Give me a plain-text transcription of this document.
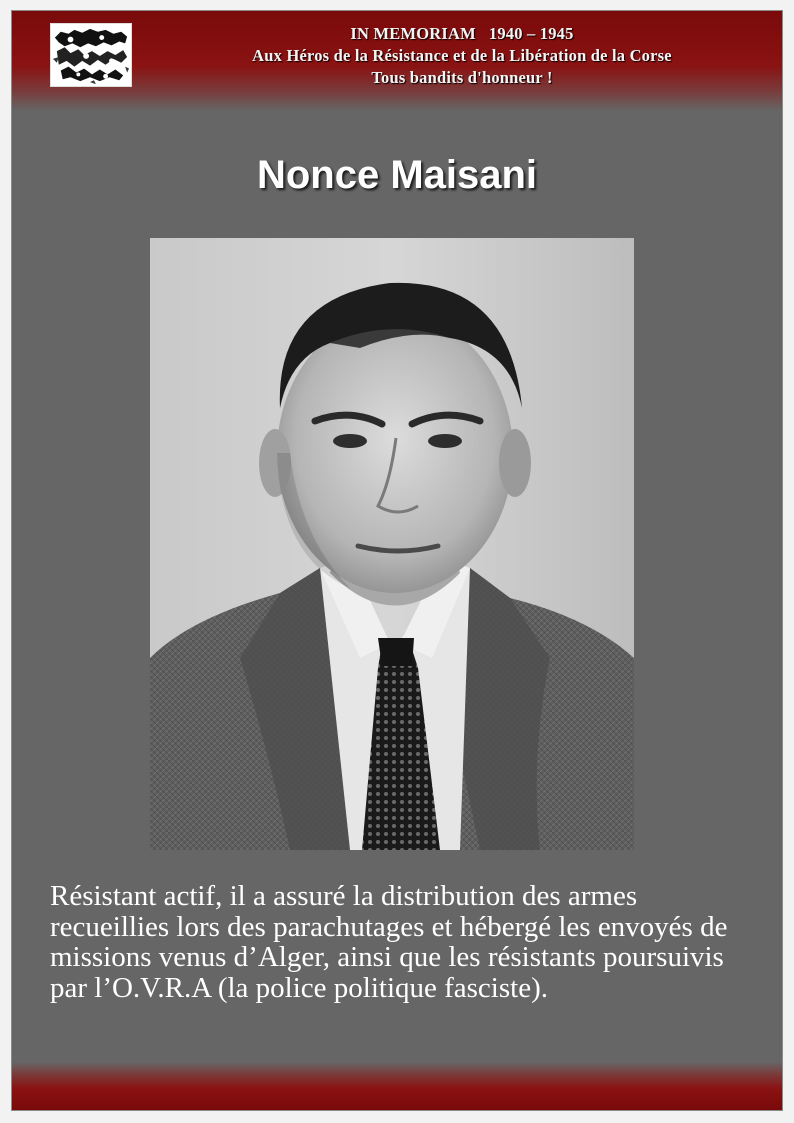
IN MEMORIAM   1940 – 1945
Aux Héros de la Résistance et de la Libération de la Corse
Tous bandits d'honneur !
Nonce Maisani
Résistant actif, il a assuré la distribution des armes recueillies lors des parachutages et hébergé les envoyés de missions venus d’Alger, ainsi que les résistants poursuivis par l’O.V.R.A (la police politique fasciste).
